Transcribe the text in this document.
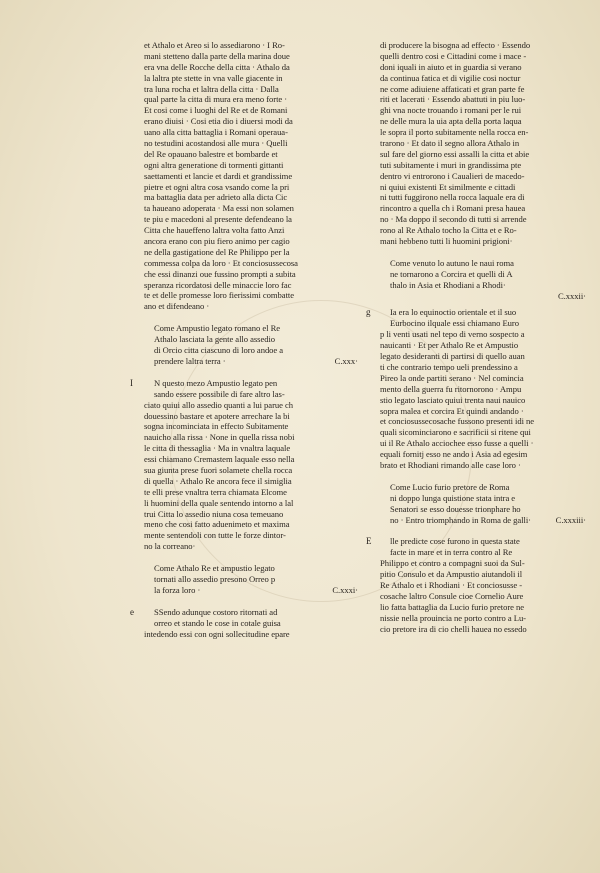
et Athalo et Areo si lo assediarono · I Ro-
mani stetteno dalla parte della marina doue
era vna delle Rocche della citta · Athalo da
la laltra pte stette in vna valle giacente in
tra luna rocha et laltra della citta · Dalla
qual parte la citta di mura era meno forte ·
Et cosi come i luoghi del Re et de Romani
erano diuisi · Cosi etia dio i diuersi modi da
uano alla citta battaglia i Romani operaua-
no testudini acostandosi alle mura · Quelli
del Re opauano balestre et bombarde et
ogni altra generatione di tormenti gittanti
saettamenti et lancie et dardi et grandissime
pietre et ogni altra cosa vsando come la pri
ma battaglia data per adrieto alla dicta Cic
ta haueano adoperata · Ma essi non solamen
te piu e macedoni al presente defendeano la
Citta che haueffeno laltra volta fatto Anzi
ancora erano con piu fiero animo per cagio
ne della gastigatione del Re Philippo per la
commessa colpa da loro · Et conciosussecosa
che essi dinanzi oue fussino prompti a subita
speranza ricordatosi delle minaccie loro fac
te et delle promesse loro fierissimi combatte
ano et difendeano ·
Come Ampustio legato romano el Re
Athalo lasciata la gente allo assedio
di Orcio citta ciascuno di loro andoe a
prendere laltra terra ·	C.xxx·
I	N questo mezo Ampustio legato pen
sando essere possibile di fare altro las-
ciato quiui allo assedio quanti a lui parue ch
douessino bastare et apotere arrechare la bi
sogna incominciata in effecto Subitamente
nauicho alla rissa · None in quella rissa nobi
le citta di thessaglia · Ma in vnaltra laquale
essi chiamano Cremastem laquale esso nella
sua giunta prese fuori solamete chella rocca
di quella · Athalo Re ancora fece il simiglia
te elli prese vnaltra terra chiamata Elcome
li huomini della quale sentendo intorno a lal
trui Citta lo assedio niuna cosa temeuano
meno che cosi fatto aduenimeto et maxima
mente sentendoli con tutte le forze dintor-
no la correano·
Come Athalo Re et ampustio legato
tornati allo assedio presono Orreo p
la forza loro ·	C.xxxi·
e	SSendo adunque costoro ritornati ad
orreo et stando le cose in cotale guisa
intedendo essi con ogni sollecitudine epare
di producere la bisogna ad effecto · Essendo
quelli dentro cosi e Cittadini come i mace -
doni iquali in aiuto et in guardia si verano
da continua fatica et di vigilie cosi noctur
ne come adiuiene affaticati et gran parte fe
riti et lacerati · Essendo abattuti in piu luo-
ghi vna nocte trouando i romani per le rui
ne delle mura la uia apta della porta laqua
le sopra il porto subitamente nella rocca en-
trarono · Et dato il segno allora Athalo in
sul fare del giorno essi assalli la citta et abie
tuti subitamente i muri in grandissima pte
dentro vi entrorono i Caualieri de macedo-
ni quiui existenti Et similmente e cittadi
ni tutti fuggirono nella rocca laquale era di
rincontro a quella ch i Romani presa hauea
no · Ma doppo il secondo di tutti si arrende
rono al Re Athalo tocho la Citta et e Ro-
mani hebbeno tutti li huomini prigioni·
Come venuto lo autuno le naui roma
ne tornarono a Corcira et quelli di A
thalo in Asia et Rhodiani a Rhodi·
C.xxxii·
g	Ia era lo equinoctio orientale et il suo
Eurbocino ilquale essi chiamano Euro
p li venti usati nel tepo di verno sospecto a
nauicanti · Et per Athalo Re et Ampustio
legato desideranti di partirsi di quello auan
ti che contrario tempo ueli prendessino a
Pireo la onde partiti serano · Nel comincia
mento della guerra fu ritornorono · Ampu
stio legato lasciato quiui trenta naui nauico
sopra malea et corcira Et quindi andando ·
et conciosussecosache fussono presenti idi ne
quali sicominciarono e sacrificii si ritene qui
ui il Re Athalo acciochee esso fusse a quelli ·
equali fornitj esso ne ando i Asia ad egesim
brato et Rhodiani rimando alle case loro ·
Come Lucio furio pretore de Roma
ni doppo lunga quistione stata intra e
Senatori se esso douesse trionphare ho
no · Entro triomphando in Roma de galli·	C.xxxiii·
E	lle predicte cose furono in questa state
facte in mare et in terra contro al Re
Philippo et contro a compagni suoi da Sul-
pitio Consulo et da Ampustio aiutandoli il
Re Athalo et i Rhodiani · Et conciosusse -
cosache laltro Consule cioe Cornelio Aure
lio fatta battaglia da Lucio furio pretore ne
nissie nella prouincia ne porto contro a Lu-
cio pretore ira di cio chelli hauea no essedo
